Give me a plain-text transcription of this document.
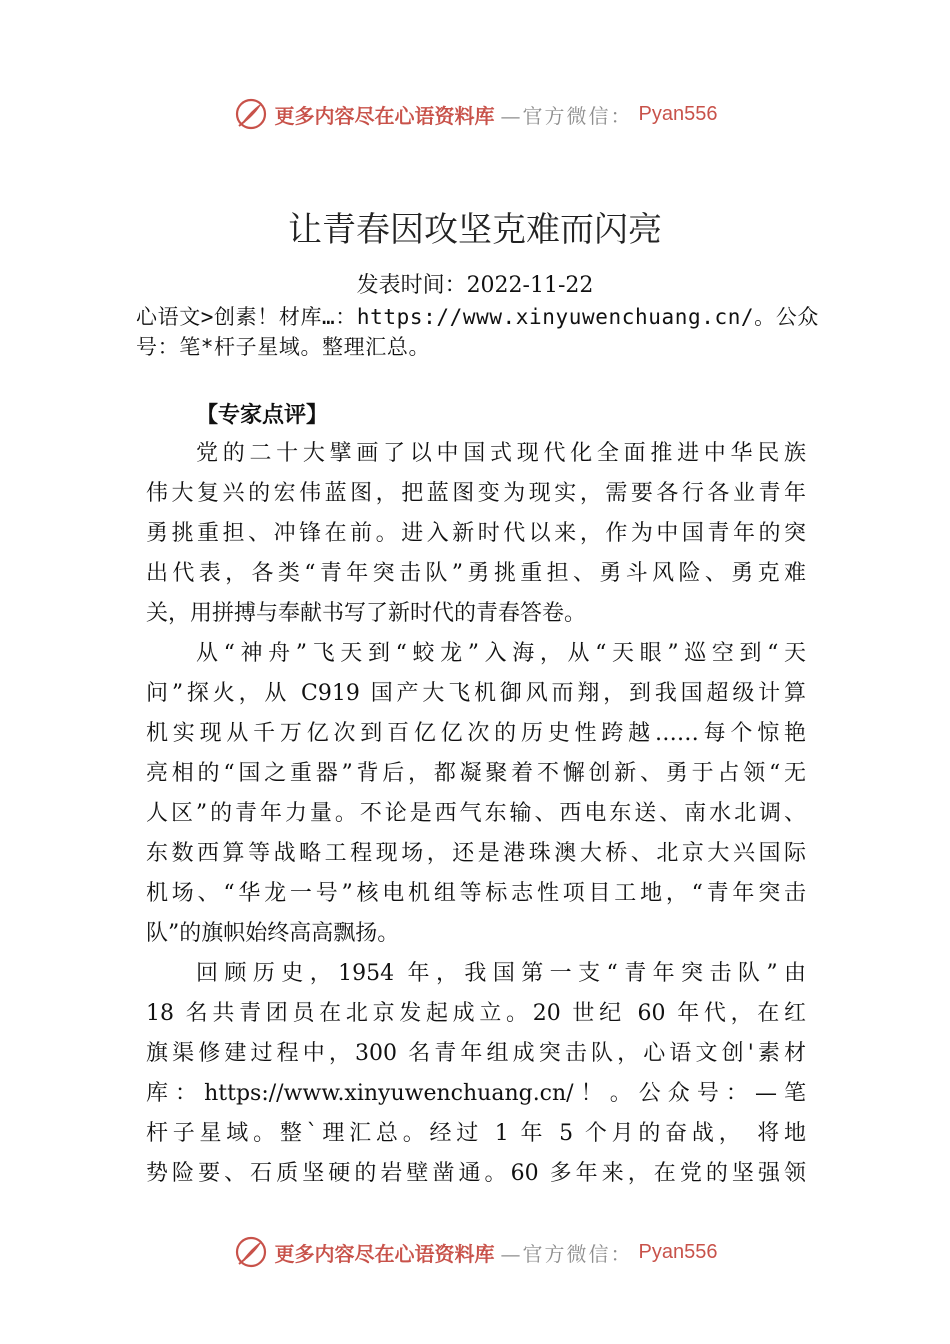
更多内容尽在心语资料库 —官方微信： Pyan556
让青春因攻坚克难而闪亮
发表时间：2022-11-22
心语文>创素！材库…：https://www.xinyuwenchuang.cn/。公众号：笔*杆子星域。整理汇总。
【专家点评】
党的二十大擘画了以中国式现代化全面推进中华民族
伟大复兴的宏伟蓝图，把蓝图变为现实，需要各行各业青年
勇挑重担、冲锋在前。进入新时代以来，作为中国青年的突
出代表，各类“青年突击队”勇挑重担、勇斗风险、勇克难
关，用拼搏与奉献书写了新时代的青春答卷。
从“神舟”飞天到“蛟龙”入海，从“天眼”巡空到“天
问”探火，从 C919 国产大飞机御风而翔，到我国超级计算
机实现从千万亿次到百亿亿次的历史性跨越……每个惊艳
亮相的“国之重器”背后，都凝聚着不懈创新、勇于占领“无
人区”的青年力量。不论是西气东输、西电东送、南水北调、
东数西算等战略工程现场，还是港珠澳大桥、北京大兴国际
机场、“华龙一号”核电机组等标志性项目工地，“青年突击
队”的旗帜始终高高飘扬。
回顾历史，1954 年，我国第一支“青年突击队”由
18 名共青团员在北京发起成立。20 世纪 60 年代，在红
旗渠修建过程中，300 名青年组成突击队，心语文创'素材
库：https://www.xinyuwenchuang.cn/！。公众号：—笔
杆子星域。整`理汇总。经过 1 年 5 个月的奋战， 将地
势险要、石质坚硬的岩壁凿通。60 多年来，在党的坚强领
更多内容尽在心语资料库 —官方微信： Pyan556
